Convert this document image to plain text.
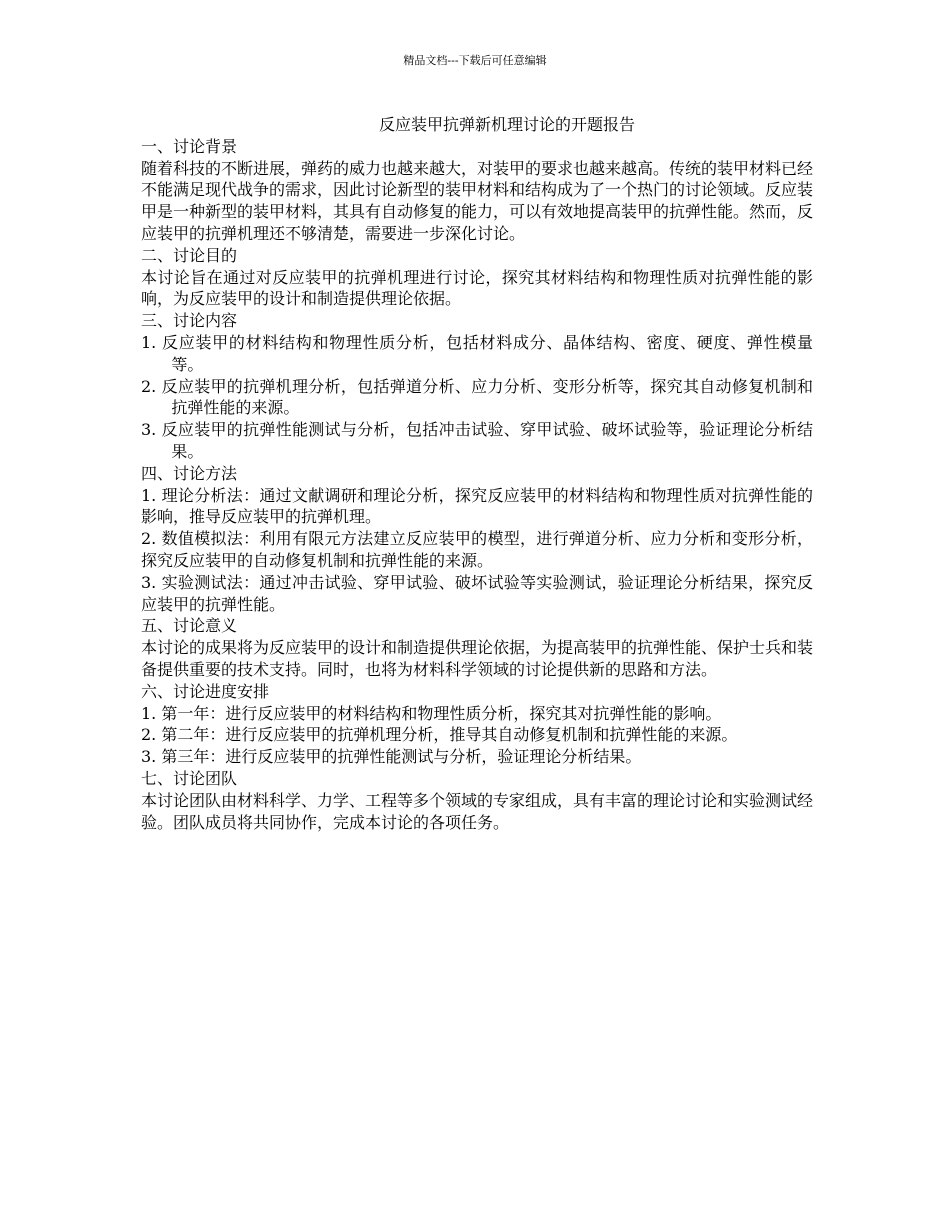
精品文档---下载后可任意编辑
反应装甲抗弹新机理讨论的开题报告
一、讨论背景

随着科技的不断进展，弹药的威力也越来越大，对装甲的要求也越来越高。传统的装甲材料已经不能满足现代战争的需求，因此讨论新型的装甲材料和结构成为了一个热门的讨论领域。反应装甲是一种新型的装甲材料，其具有自动修复的能力，可以有效地提高装甲的抗弹性能。然而，反应装甲的抗弹机理还不够清楚，需要进一步深化讨论。

二、讨论目的

本讨论旨在通过对反应装甲的抗弹机理进行讨论，探究其材料结构和物理性质对抗弹性能的影响，为反应装甲的设计和制造提供理论依据。

三、讨论内容

1. 反应装甲的材料结构和物理性质分析，包括材料成分、晶体结构、密度、硬度、弹性模量等。

2. 反应装甲的抗弹机理分析，包括弹道分析、应力分析、变形分析等，探究其自动修复机制和抗弹性能的来源。

3. 反应装甲的抗弹性能测试与分析，包括冲击试验、穿甲试验、破坏试验等，验证理论分析结果。

四、讨论方法

1. 理论分析法：通过文献调研和理论分析，探究反应装甲的材料结构和物理性质对抗弹性能的影响，推导反应装甲的抗弹机理。

2. 数值模拟法：利用有限元方法建立反应装甲的模型，进行弹道分析、应力分析和变形分析，探究反应装甲的自动修复机制和抗弹性能的来源。

3. 实验测试法：通过冲击试验、穿甲试验、破坏试验等实验测试，验证理论分析结果，探究反应装甲的抗弹性能。

五、讨论意义

本讨论的成果将为反应装甲的设计和制造提供理论依据，为提高装甲的抗弹性能、保护士兵和装备提供重要的技术支持。同时，也将为材料科学领域的讨论提供新的思路和方法。

六、讨论进度安排

1. 第一年：进行反应装甲的材料结构和物理性质分析，探究其对抗弹性能的影响。

2. 第二年：进行反应装甲的抗弹机理分析，推导其自动修复机制和抗弹性能的来源。

3. 第三年：进行反应装甲的抗弹性能测试与分析，验证理论分析结果。

七、讨论团队

本讨论团队由材料科学、力学、工程等多个领域的专家组成，具有丰富的理论讨论和实验测试经验。团队成员将共同协作，完成本讨论的各项任务。
